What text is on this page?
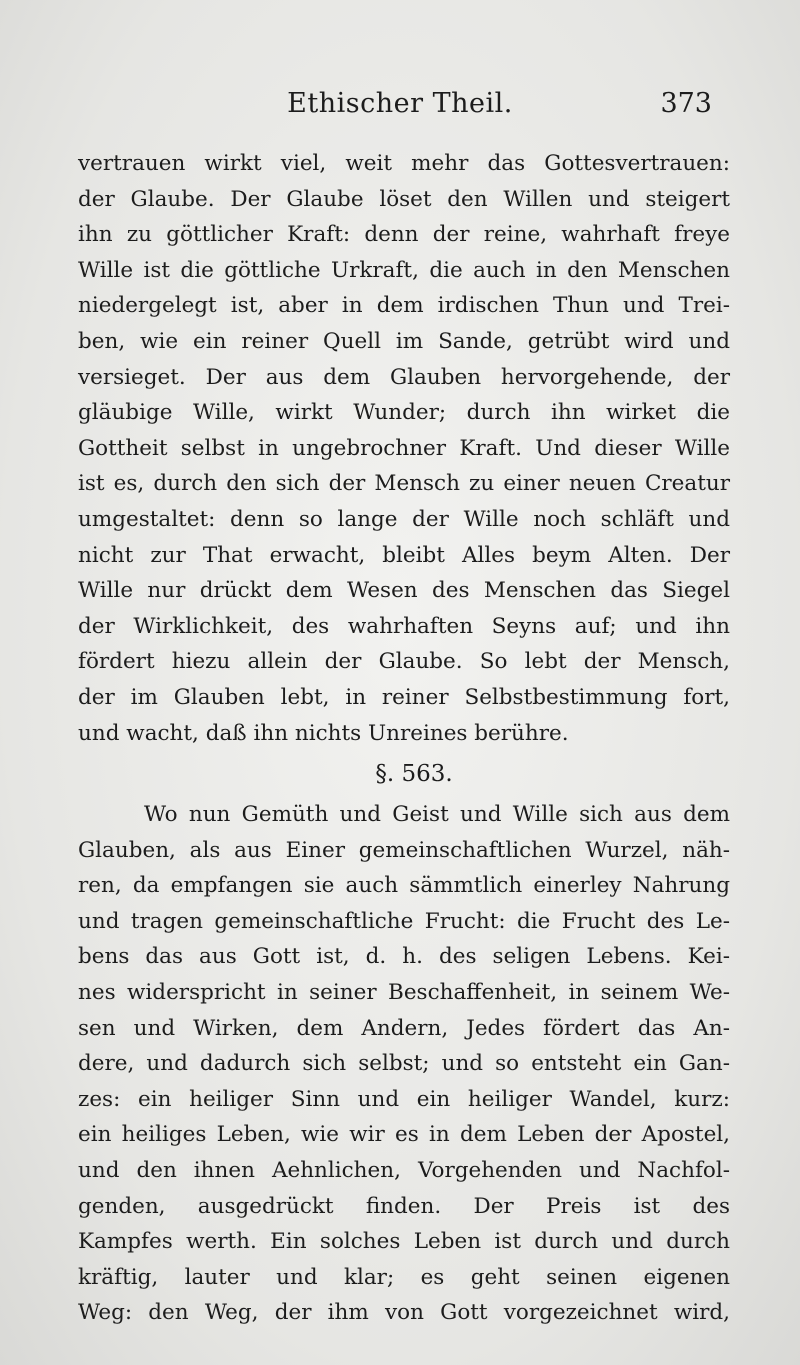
Ethischer Theil.	373
vertrauen wirkt viel, weit mehr das Gottesvertrauen:
der Glaube. Der Glaube löset den Willen und steigert
ihn zu göttlicher Kraft: denn der reine, wahrhaft freye
Wille ist die göttliche Urkraft, die auch in den Menschen
niedergelegt ist, aber in dem irdischen Thun und Trei-
ben, wie ein reiner Quell im Sande, getrübt wird und
versieget. Der aus dem Glauben hervorgehende, der
gläubige Wille, wirkt Wunder; durch ihn wirket die
Gottheit selbst in ungebrochner Kraft. Und dieser Wille
ist es, durch den sich der Mensch zu einer neuen Creatur
umgestaltet: denn so lange der Wille noch schläft und
nicht zur That erwacht, bleibt Alles beym Alten. Der
Wille nur drückt dem Wesen des Menschen das Siegel
der Wirklichkeit, des wahrhaften Seyns auf; und ihn
fördert hiezu allein der Glaube. So lebt der Mensch,
der im Glauben lebt, in reiner Selbstbestimmung fort,
und wacht, daß ihn nichts Unreines berühre.
§. 563.
Wo nun Gemüth und Geist und Wille sich aus dem
Glauben, als aus Einer gemeinschaftlichen Wurzel, näh-
ren, da empfangen sie auch sämmtlich einerley Nahrung
und tragen gemeinschaftliche Frucht: die Frucht des Le-
bens das aus Gott ist, d. h. des seligen Lebens. Kei-
nes widerspricht in seiner Beschaffenheit, in seinem We-
sen und Wirken, dem Andern, Jedes fördert das An-
dere, und dadurch sich selbst; und so entsteht ein Gan-
zes: ein heiliger Sinn und ein heiliger Wandel, kurz:
ein heiliges Leben, wie wir es in dem Leben der Apostel,
und den ihnen Aehnlichen, Vorgehenden und Nachfol-
genden, ausgedrückt finden. Der Preis ist des
Kampfes werth. Ein solches Leben ist durch und durch
kräftig, lauter und klar; es geht seinen eigenen
Weg: den Weg, der ihm von Gott vorgezeichnet wird,
